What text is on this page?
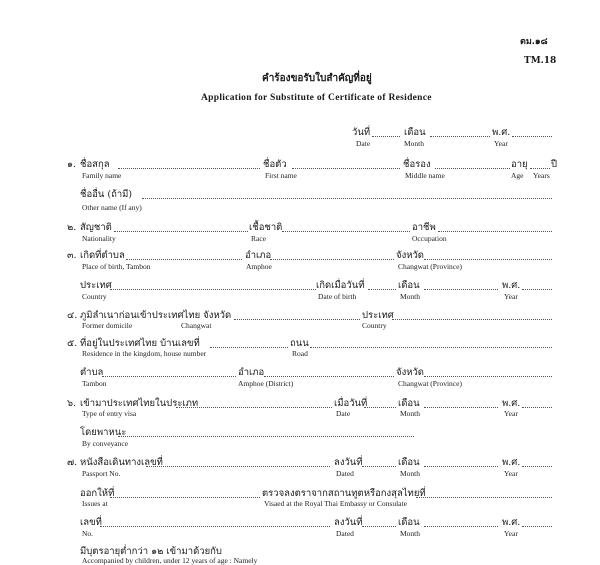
ตม.๑๘
TM.18
คำร้องขอรับใบสำคัญที่อยู่
Application for Substitute of Certificate of Residence
วันที่
Date
เดือน
Month
พ.ศ.
Year
๑. ชื่อสกุล
Family name
ชื่อตัว
First name
ชื่อรอง
Middle name
อายุ
Age
ปี
Years
ชื่ออื่น (ถ้ามี)
Other name (If any)
๒. สัญชาติ
Nationality
เชื้อชาติ
Race
อาชีพ
Occupation
๓. เกิดที่ตำบล
Place of birth, Tambon
อำเภอ
Amphoe
จังหวัด
Changwat (Province)
ประเทศ
Country
เกิดเมื่อวันที่
Date of birth
เดือน
Month
พ.ศ.
Year
๔. ภูมิลำเนาก่อนเข้าประเทศไทย จังหวัด
Former domicile	Changwat
ประเทศ
Country
๕. ที่อยู่ในประเทศไทย บ้านเลขที่
Residence in the kingdom, house number
ถนน
Road
ตำบล
Tambon
อำเภอ
Amphoe (District)
จังหวัด
Changwat (Province)
๖. เข้ามาประเทศไทยในประเภท
Type of entry visa
เมื่อวันที่
Date
เดือน
Month
พ.ศ.
Year
โดยพาหนะ
By conveyance
๗. หนังสือเดินทางเลขที่
Passport No.
ลงวันที่
Dated
เดือน
Month
พ.ศ.
Year
ออกให้ที่
Issues at
ตรวจลงตราจากสถานทูตหรือกงสุลไทยที่
Visaed at the Royal Thai Embassy or Consulate
เลขที่
No.
ลงวันที่
Dated
เดือน
Month
พ.ศ.
Year
มีบุตรอายุต่ำกว่า ๑๒ เข้ามาด้วยกับ
Accompanied by children, under 12 years of age : Namely
